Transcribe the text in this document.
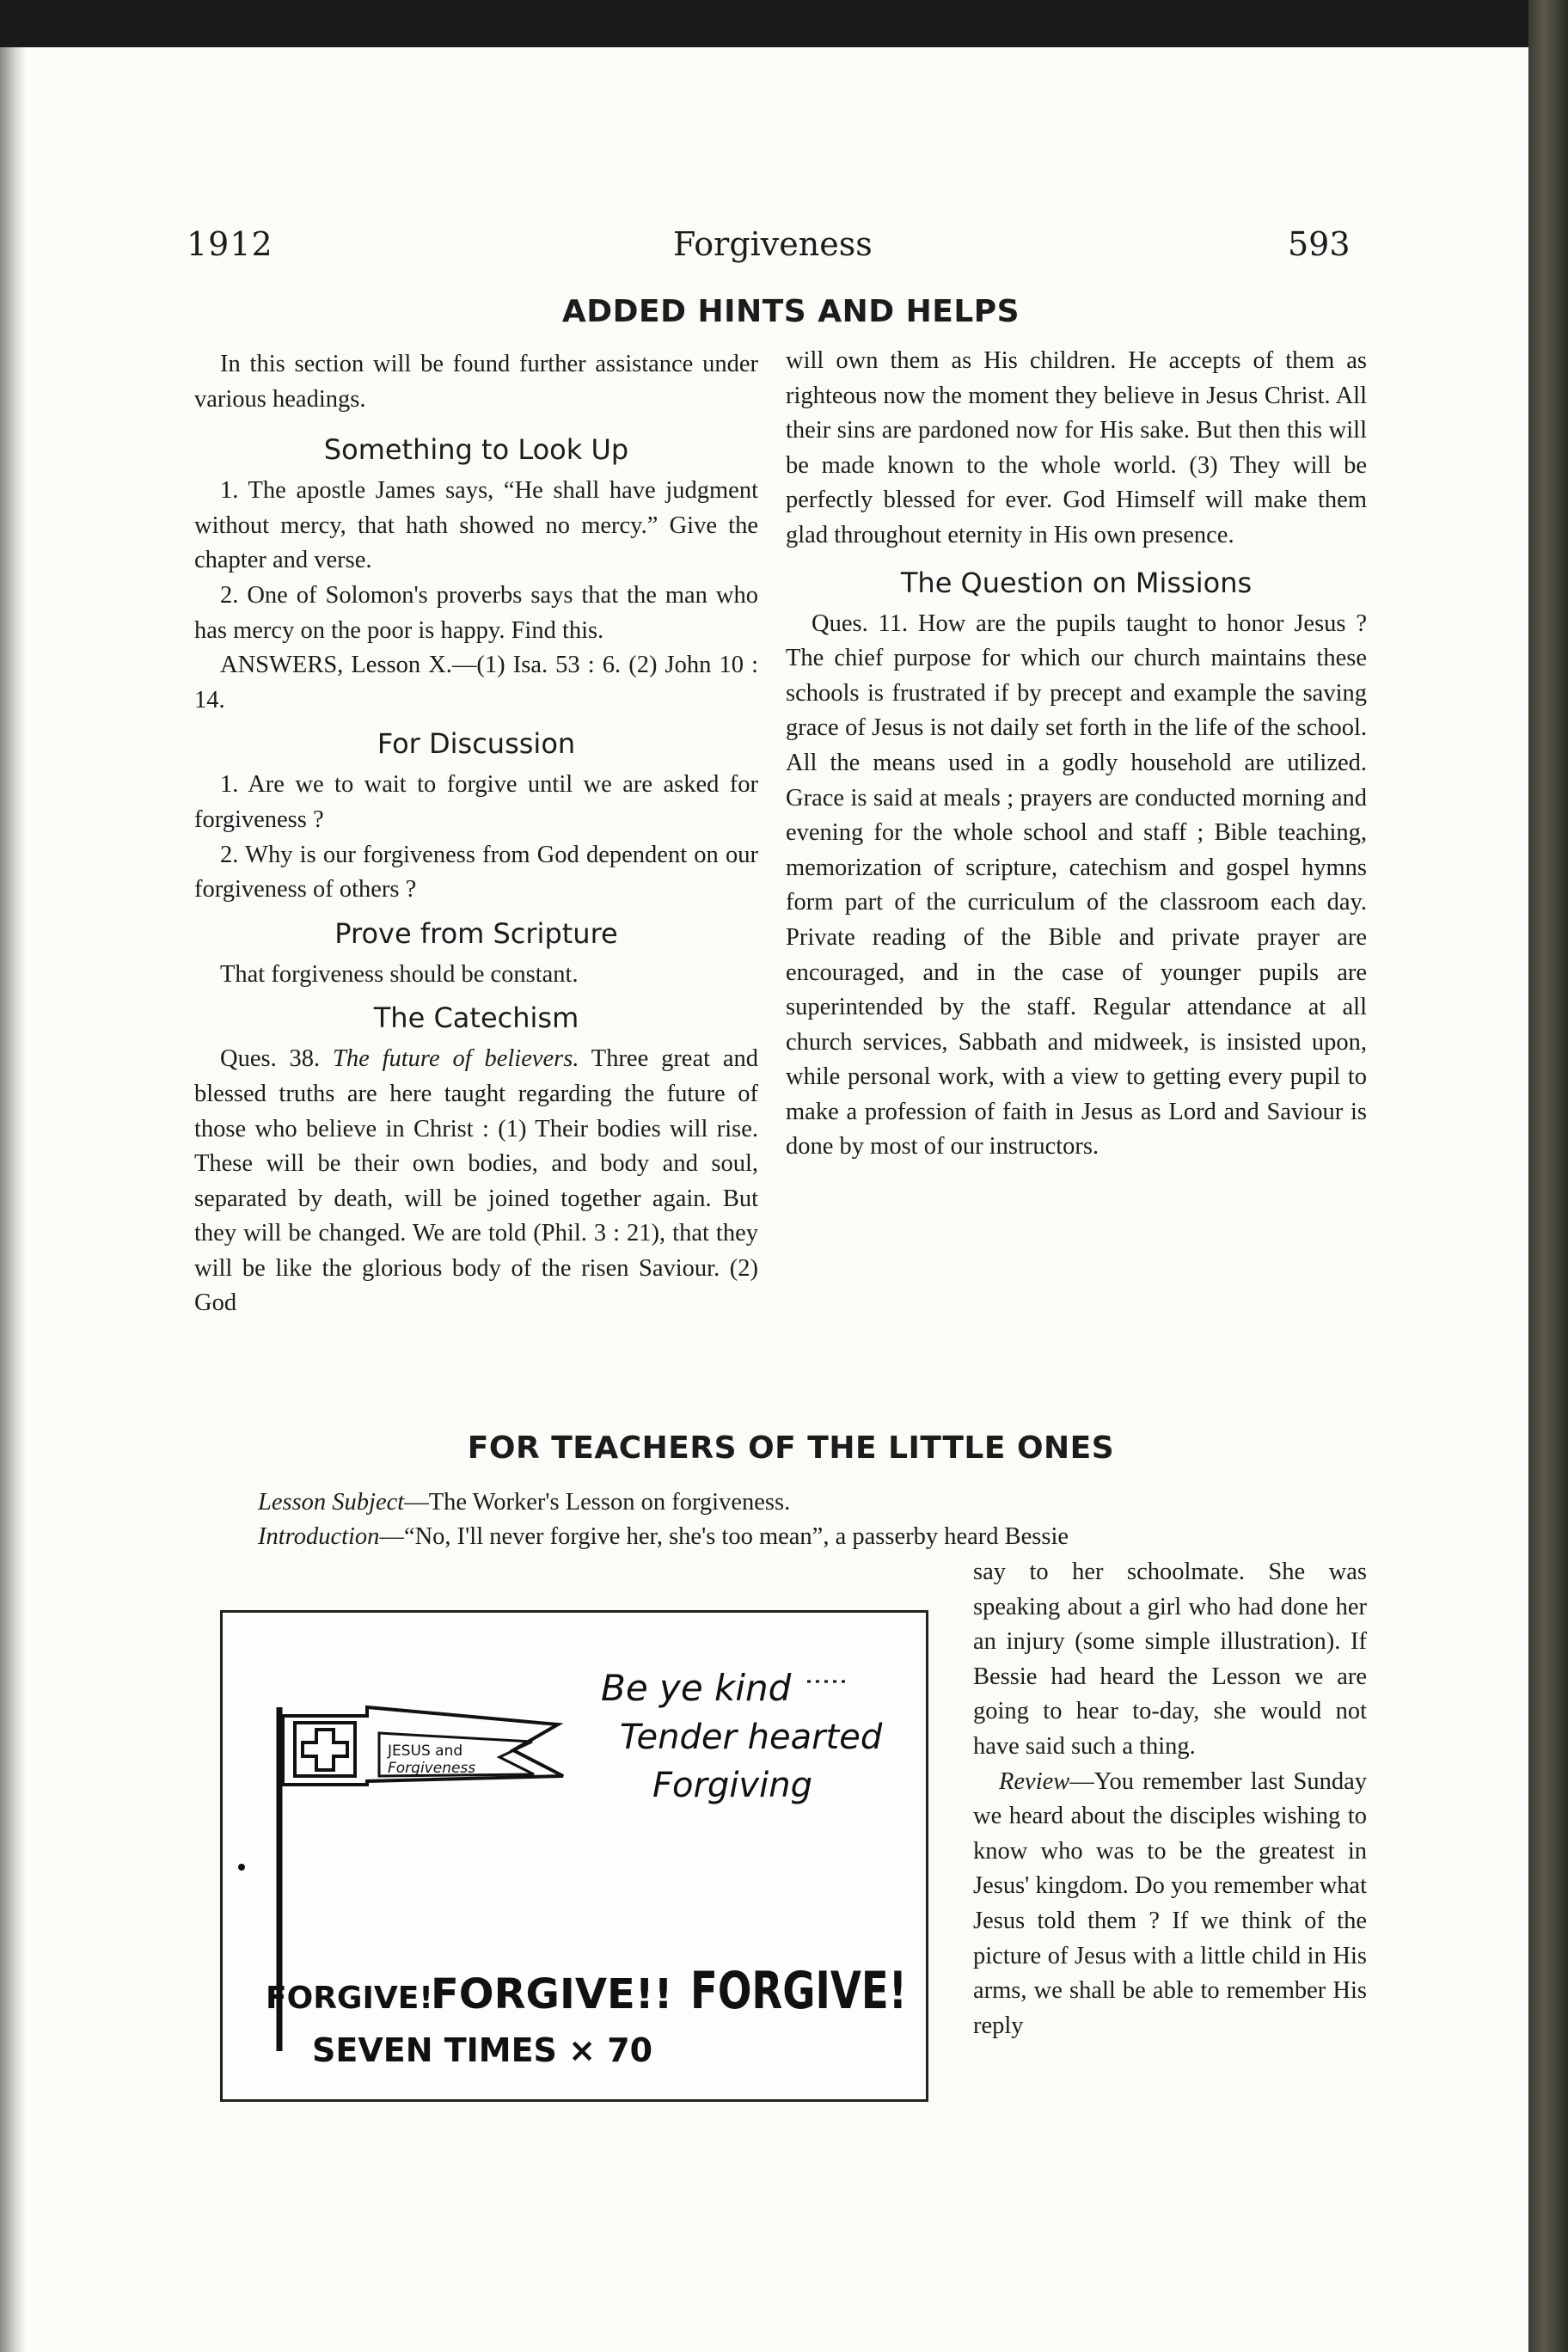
1912	Forgiveness	593
ADDED HINTS AND HELPS

In this section will be found further assistance under various headings.

Something to Look Up

1. The apostle James says, “He shall have judgment without mercy, that hath showed no mercy.” Give the chapter and verse.

2. One of Solomon's proverbs says that the man who has mercy on the poor is happy. Find this.

ANSWERS, Lesson X.—(1) Isa. 53 : 6. (2) John 10 : 14.

For Discussion

1. Are we to wait to forgive until we are asked for forgiveness ?

2. Why is our forgiveness from God dependent on our forgiveness of others ?

Prove from Scripture

That forgiveness should be constant.

The Catechism

Ques. 38. The future of believers. Three great and blessed truths are here taught regarding the future of those who believe in Christ : (1) Their bodies will rise. These will be their own bodies, and body and soul, separated by death, will be joined together again. But they will be changed. We are told (Phil. 3 : 21), that they will be like the glorious body of the risen Saviour. (2) God

will own them as His children. He accepts of them as righteous now the moment they believe in Jesus Christ. All their sins are pardoned now for His sake. But then this will be made known to the whole world. (3) They will be perfectly blessed for ever. God Himself will make them glad throughout eternity in His own presence.

The Question on Missions

Ques. 11. How are the pupils taught to honor Jesus ? The chief purpose for which our church maintains these schools is frustrated if by precept and example the saving grace of Jesus is not daily set forth in the life of the school. All the means used in a godly household are utilized. Grace is said at meals ; prayers are conducted morning and evening for the whole school and staff ; Bible teaching, memorization of scripture, catechism and gospel hymns form part of the curriculum of the classroom each day. Private reading of the Bible and private prayer are encouraged, and in the case of younger pupils are superintended by the staff. Regular attendance at all church services, Sabbath and midweek, is insisted upon, while personal work, with a view to getting every pupil to make a profession of faith in Jesus as Lord and Saviour is done by most of our instructors.

FOR TEACHERS OF THE LITTLE ONES
Lesson Subject—The Worker's Lesson on forgiveness.
Introduction—“No, I'll never forgive her, she's too mean”, a passerby heard Bessie

say to her schoolmate. She was speaking about a girl who had done her an injury (some simple illustration). If Bessie had heard the Lesson we are going to hear to-day, she would not have said such a thing.

Review—You remember last Sunday we heard about the disciples wishing to know who was to be the greatest in Jesus' kingdom. Do you remember what Jesus told them ? If we think of the picture of Jesus with a little child in His arms, we shall be able to remember His reply

JESUS and
Forgiveness
Be ye kind
Tender hearted
Forgiving
FORGIVE!
FORGIVE!! FORGIVE!
SEVEN TIMES × 70
